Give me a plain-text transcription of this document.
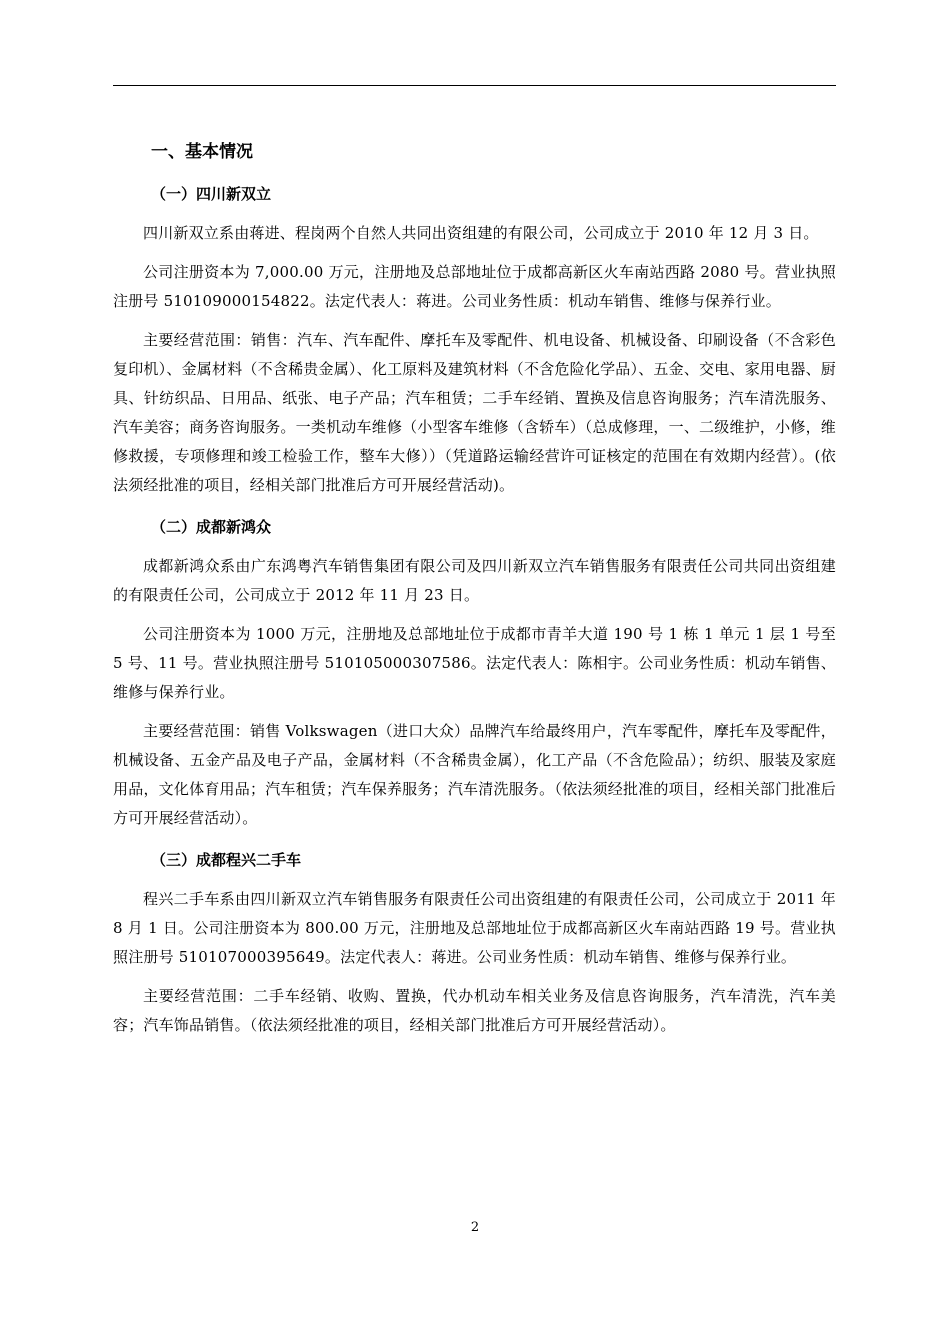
一、基本情况
（一）四川新双立

四川新双立系由蒋进、程岗两个自然人共同出资组建的有限公司，公司成立于 2010 年 12 月 3 日。

公司注册资本为 7,000.00 万元，注册地及总部地址位于成都高新区火车南站西路 2080 号。营业执照注册号 510109000154822。法定代表人：蒋进。公司业务性质：机动车销售、维修与保养行业。

主要经营范围：销售：汽车、汽车配件、摩托车及零配件、机电设备、机械设备、印刷设备（不含彩色复印机）、金属材料（不含稀贵金属）、化工原料及建筑材料（不含危险化学品）、五金、交电、家用电器、厨具、针纺织品、日用品、纸张、电子产品；汽车租赁；二手车经销、置换及信息咨询服务；汽车清洗服务、汽车美容；商务咨询服务。一类机动车维修（小型客车维修（含轿车）（总成修理，一、二级维护，小修，维修救援，专项修理和竣工检验工作，整车大修））（凭道路运输经营许可证核定的范围在有效期内经营）。(依法须经批准的项目，经相关部门批准后方可开展经营活动)。

（二）成都新鸿众

成都新鸿众系由广东鸿粤汽车销售集团有限公司及四川新双立汽车销售服务有限责任公司共同出资组建的有限责任公司，公司成立于 2012 年 11 月 23 日。

公司注册资本为 1000 万元，注册地及总部地址位于成都市青羊大道 190 号 1 栋 1 单元 1 层 1 号至 5 号、11 号。营业执照注册号 510105000307586。法定代表人：陈相宇。公司业务性质：机动车销售、维修与保养行业。

主要经营范围：销售 Volkswagen（进口大众）品牌汽车给最终用户，汽车零配件，摩托车及零配件，机械设备、五金产品及电子产品，金属材料（不含稀贵金属），化工产品（不含危险品）；纺织、服装及家庭用品，文化体育用品；汽车租赁；汽车保养服务；汽车清洗服务。（依法须经批准的项目，经相关部门批准后方可开展经营活动）。

（三）成都程兴二手车

程兴二手车系由四川新双立汽车销售服务有限责任公司出资组建的有限责任公司，公司成立于 2011 年 8 月 1 日。公司注册资本为 800.00 万元，注册地及总部地址位于成都高新区火车南站西路 19 号。营业执照注册号 510107000395649。法定代表人：蒋进。公司业务性质：机动车销售、维修与保养行业。

主要经营范围：二手车经销、收购、置换，代办机动车相关业务及信息咨询服务，汽车清洗，汽车美容；汽车饰品销售。（依法须经批准的项目，经相关部门批准后方可开展经营活动）。

2
